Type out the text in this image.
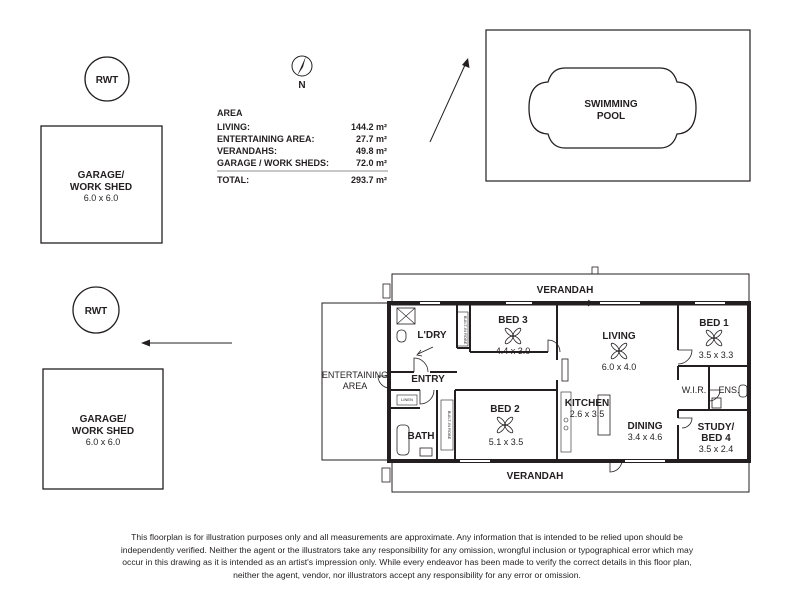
RWT
RWT
N
GARAGE/
WORK SHED
6.0 x 6.0
GARAGE/
WORK SHED
6.0 x 6.0
SWIMMING
POOL
AREA
LIVING:	144.2 m²
ENTERTAINING AREA:	27.7 m²
VERANDAHS:	49.8 m²
GARAGE / WORK SHEDS:	72.0 m²
TOTAL:	293.7 m²
VERANDAH
VERANDAH
ENTERTAINING
AREA
BUILT-IN ROBE
BUILT-IN ROBE
LINEN
L'DRY
BED 3
4.4 x 3.0
LIVING
6.0 x 4.0
BED 1
3.5 x 3.3
ENTRY
W.I.R. ENS.
BED 2
5.1 x 3.5
KITCHEN
2.6 x 3.5
DINING
3.4 x 4.6
STUDY/
BED 4
3.5 x 2.4
BATH

This floorplan is for illustration purposes only and all measurements are approximate. Any information that is intended to be relied upon should be independently verified. Neither the agent or the illustrators take any responsibility for any omission, wrongful inclusion or typographical error which may occur in this drawing as it is intended as an artist's impression only. While every endeavor has been made to verify the correct details in this floor plan, neither the agent, vendor, nor illustrators accept any responsibility for any error or omission.
